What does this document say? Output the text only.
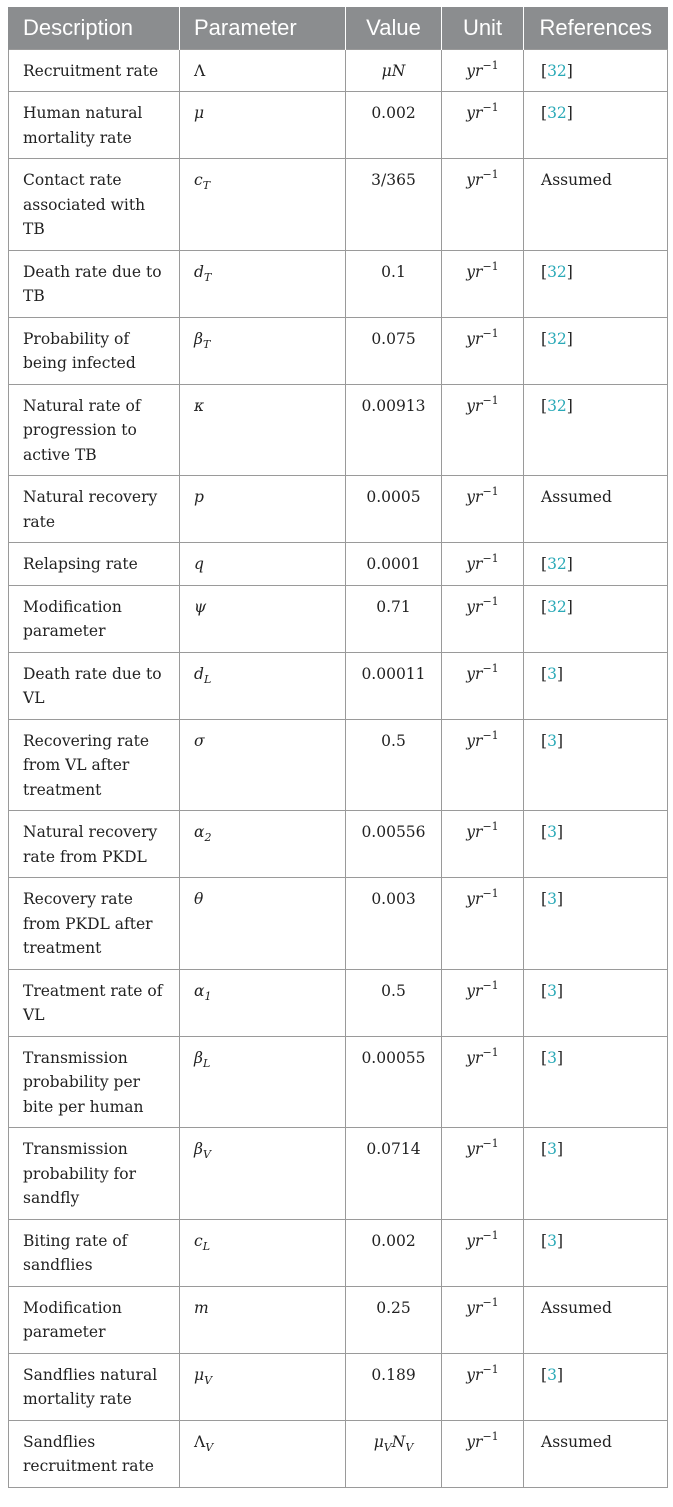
Description	Parameter	Value	Unit	References
Recruitment rate	Λ	μN	$yr^{-1}$	[32]
Human natural mortality rate	μ	0.002	$yr^{-1}$	[32]
Contact rate associated with TB	$c_T$	3/365	$yr^{-1}$	Assumed
Death rate due to TB	$d_T$	0.1	$yr^{-1}$	[32]
Probability of being infected	$\beta_T$	0.075	$yr^{-1}$	[32]
Natural rate of progression to active TB	κ	0.00913	$yr^{-1}$	[32]
Natural recovery rate	p	0.0005	$yr^{-1}$	Assumed
Relapsing rate	q	0.0001	$yr^{-1}$	[32]
Modification parameter	ψ	0.71	$yr^{-1}$	[32]
Death rate due to VL	$d_L$	0.00011	$yr^{-1}$	[3]
Recovering rate from VL after treatment	σ	0.5	$yr^{-1}$	[3]
Natural recovery rate from PKDL	$\alpha_2$	0.00556	$yr^{-1}$	[3]
Recovery rate from PKDL after treatment	θ	0.003	$yr^{-1}$	[3]
Treatment rate of VL	$\alpha_1$	0.5	$yr^{-1}$	[3]
Transmission probability per bite per human	$\beta_L$	0.00055	$yr^{-1}$	[3]
Transmission probability for sandfly	$\beta_V$	0.0714	$yr^{-1}$	[3]
Biting rate of sandflies	$c_L$	0.002	$yr^{-1}$	[3]
Modification parameter	m	0.25	$yr^{-1}$	Assumed
Sandflies natural mortality rate	$\mu_V$	0.189	$yr^{-1}$	[3]
Sandflies recruitment rate	$\Lambda_V$	$\mu_VN_V$	$yr^{-1}$	Assumed
